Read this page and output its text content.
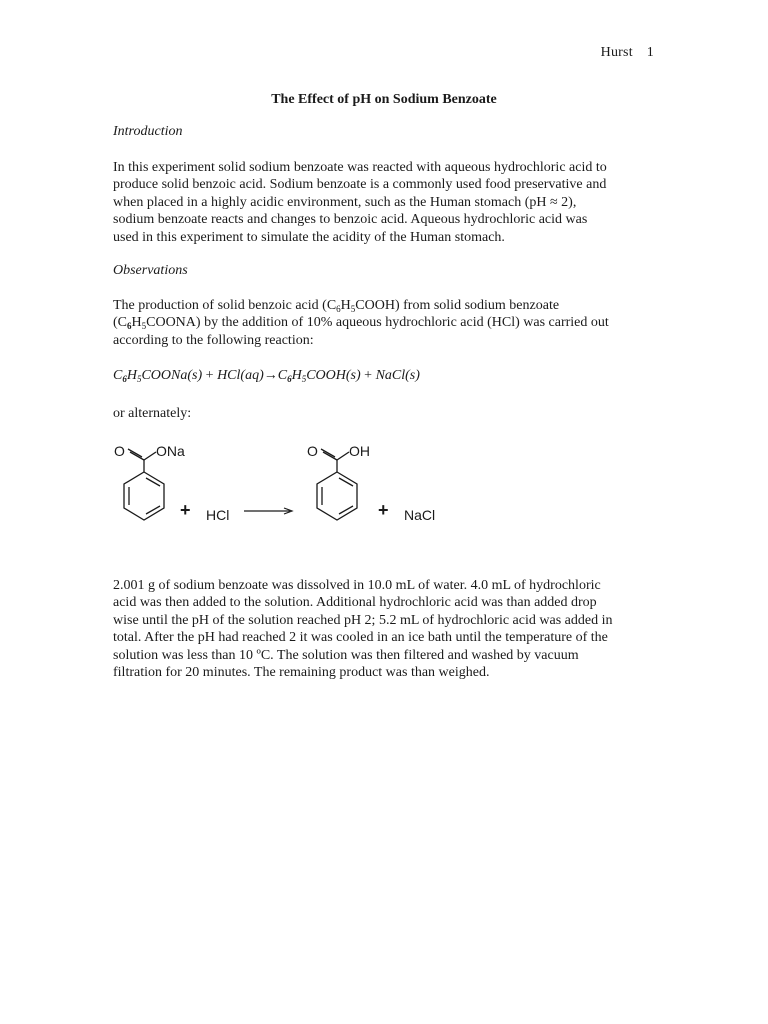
Hurst 1
The Effect of pH on Sodium Benzoate
Introduction
In this experiment solid sodium benzoate was reacted with aqueous hydrochloric acid to
produce solid benzoic acid. Sodium benzoate is a commonly used food preservative and
when placed in a highly acidic environment, such as the Human stomach (pH ≈ 2),
sodium benzoate reacts and changes to benzoic acid. Aqueous hydrochloric acid was
used in this experiment to simulate the acidity of the Human stomach.
Observations
The production of solid benzoic acid $(C_6H_5COOH)$ from solid sodium benzoate
$(C_6H_5COONA)$ by the addition of 10% aqueous hydrochloric acid (HCl) was carried out
according to the following reaction:
$C_6H_5COONa(s)$ + $HCl(aq)\to C_6H_5COOH(s)$ + NaCl(s)
or alternately:
O ONa
+ HCl
O OH
+ NaCl
2.001 g of sodium benzoate was dissolved in 10.0 mL of water. 4.0 mL of hydrochloric
acid was then added to the solution. Additional hydrochloric acid was than added drop
wise until the pH of the solution reached pH 2; 5.2 mL of hydrochloric acid was added in
total. After the pH had reached 2 it was cooled in an ice bath until the temperature of the
solution was less than 10 ºC. The solution was then filtered and washed by vacuum
filtration for 20 minutes. The remaining product was than weighed.
